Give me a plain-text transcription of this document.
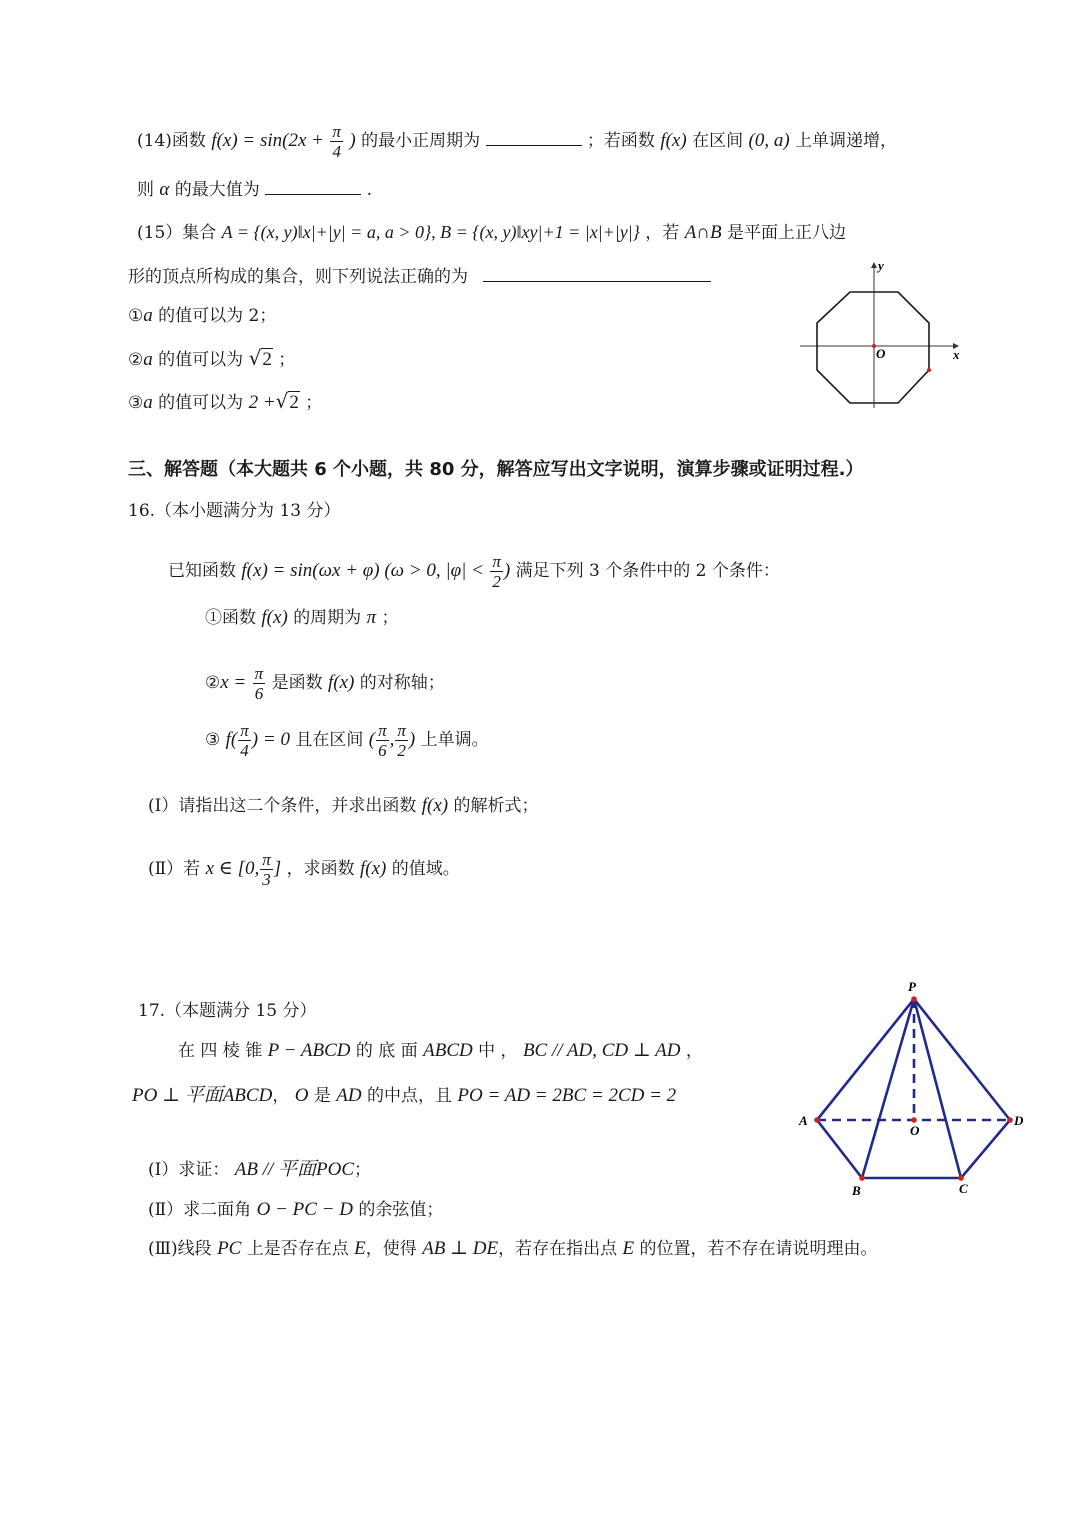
(14)函数 $f(x) = \sin(2x + \frac{\pi}{4}$ ) 的最小正周期为	；若函数 f(x) 在区间 (0, a) 上单调递增，
则 α 的最大值为	.
(15）集合 A = {(x, y)‖x|+|y| = a, a > 0}, B = {(x, y)‖xy|+1 = |x|+|y|} ，若 A∩B 是平面上正八边
形的顶点所构成的集合，则下列说法正确的为
①a 的值可以为 2；
②a 的值可以为 √2 ；
③a 的值可以为 2 +√2 ；
y
x
O
三、解答题（本大题共 6 个小题，共 80 分，解答应写出文字说明，演算步骤或证明过程.）
16.（本小题满分为 13 分）
已知函数 f(x) = sin(ωx + φ) (ω > 0, $|\varphi| < \frac{\pi}{2}$ ) 满足下列 3 个条件中的 2 个条件：
①函数 f(x) 的周期为 π ；
②x = $\frac{\pi}{6}$ 是函数 f(x) 的对称轴；
③ $f( \frac{\pi}{4}$ ) = 0 且在区间 ( $\frac{\pi}{6}$ , $\frac{\pi}{2}$ ) 上单调。
(Ⅰ）请指出这二个条件，并求出函数 f(x) 的解析式；
(Ⅱ）若 x ∈ [0, $\frac{\pi}{3}$ ] ，求函数 f(x) 的值域。
17.（本题满分 15 分）
在 四 棱 锥 P − ABCD 的 底 面 ABCD 中 ， BC // AD, CD ⊥ AD ，
PO ⊥ 平面ABCD， O 是 AD 的中点，且 PO = AD = 2BC = 2CD = 2
(Ⅰ）求证： AB // 平面POC；
(Ⅱ）求二面角 O − PC − D 的余弦值；
(Ⅲ)线段 PC 上是否存在点 E，使得 AB ⊥ DE，若存在指出点 E 的位置，若不存在请说明理由。
P
A
O
D
B	C
